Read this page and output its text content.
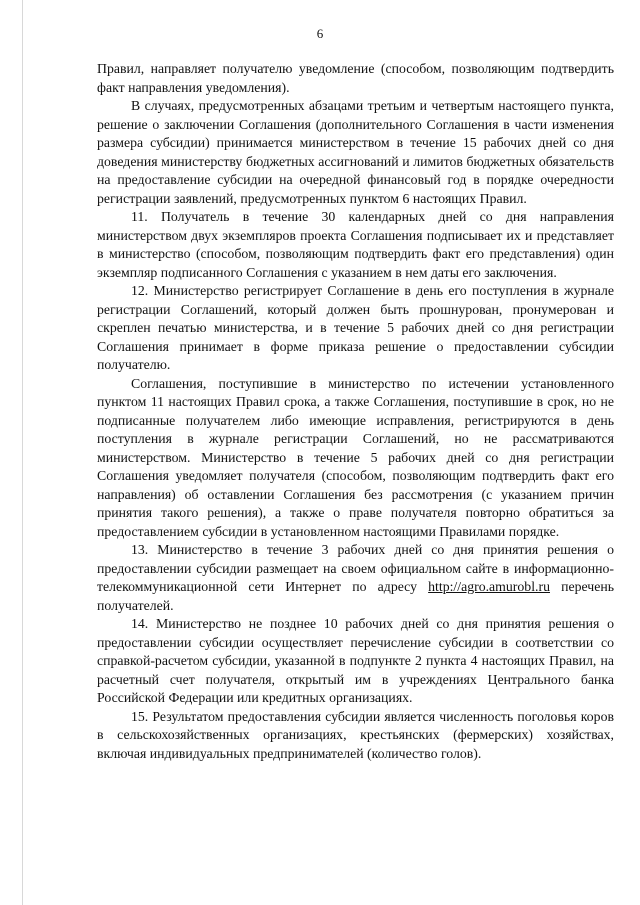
6

Правил, направляет получателю уведомление (способом, позволяющим подтвердить факт направления уведомления).

В случаях, предусмотренных абзацами третьим и четвертым настоящего пункта, решение о заключении Соглашения (дополнительного Соглашения в части изменения размера субсидии) принимается министерством в течение 15 рабочих дней со дня доведения министерству бюджетных ассигнований и лимитов бюджетных обязательств на предоставление субсидии на очередной финансовый год в порядке очередности регистрации заявлений, предусмотренных пунктом 6 настоящих Правил.

11. Получатель в течение 30 календарных дней со дня направления министерством двух экземпляров проекта Соглашения подписывает их и представляет в министерство (способом, позволяющим подтвердить факт его представления) один экземпляр подписанного Соглашения с указанием в нем даты его заключения.

12. Министерство регистрирует Соглашение в день его поступления в журнале регистрации Соглашений, который должен быть прошнурован, пронумерован и скреплен печатью министерства, и в течение 5 рабочих дней со дня регистрации Соглашения принимает в форме приказа решение о предоставлении субсидии получателю.

Соглашения, поступившие в министерство по истечении установленного пунктом 11 настоящих Правил срока, а также Соглашения, поступившие в срок, но не подписанные получателем либо имеющие исправления, регистрируются в день поступления в журнале регистрации Соглашений, но не рассматриваются министерством. Министерство в течение 5 рабочих дней со дня регистрации Соглашения уведомляет получателя (способом, позволяющим подтвердить факт его направления) об оставлении Соглашения без рассмотрения (с указанием причин принятия такого решения), а также о праве получателя повторно обратиться за предоставлением субсидии в установленном настоящими Правилами порядке.

13. Министерство в течение 3 рабочих дней со дня принятия решения о предоставлении субсидии размещает на своем официальном сайте в информационно-телекоммуникационной сети Интернет по адресу http://agro.amurobl.ru перечень получателей.

14. Министерство не позднее 10 рабочих дней со дня принятия решения о предоставлении субсидии осуществляет перечисление субсидии в соответствии со справкой-расчетом субсидии, указанной в подпункте 2 пункта 4 настоящих Правил, на расчетный счет получателя, открытый им в учреждениях Центрального банка Российской Федерации или кредитных организациях.

15. Результатом предоставления субсидии является численность поголовья коров в сельскохозяйственных организациях, крестьянских (фермерских) хозяйствах, включая индивидуальных предпринимателей (количество голов).
